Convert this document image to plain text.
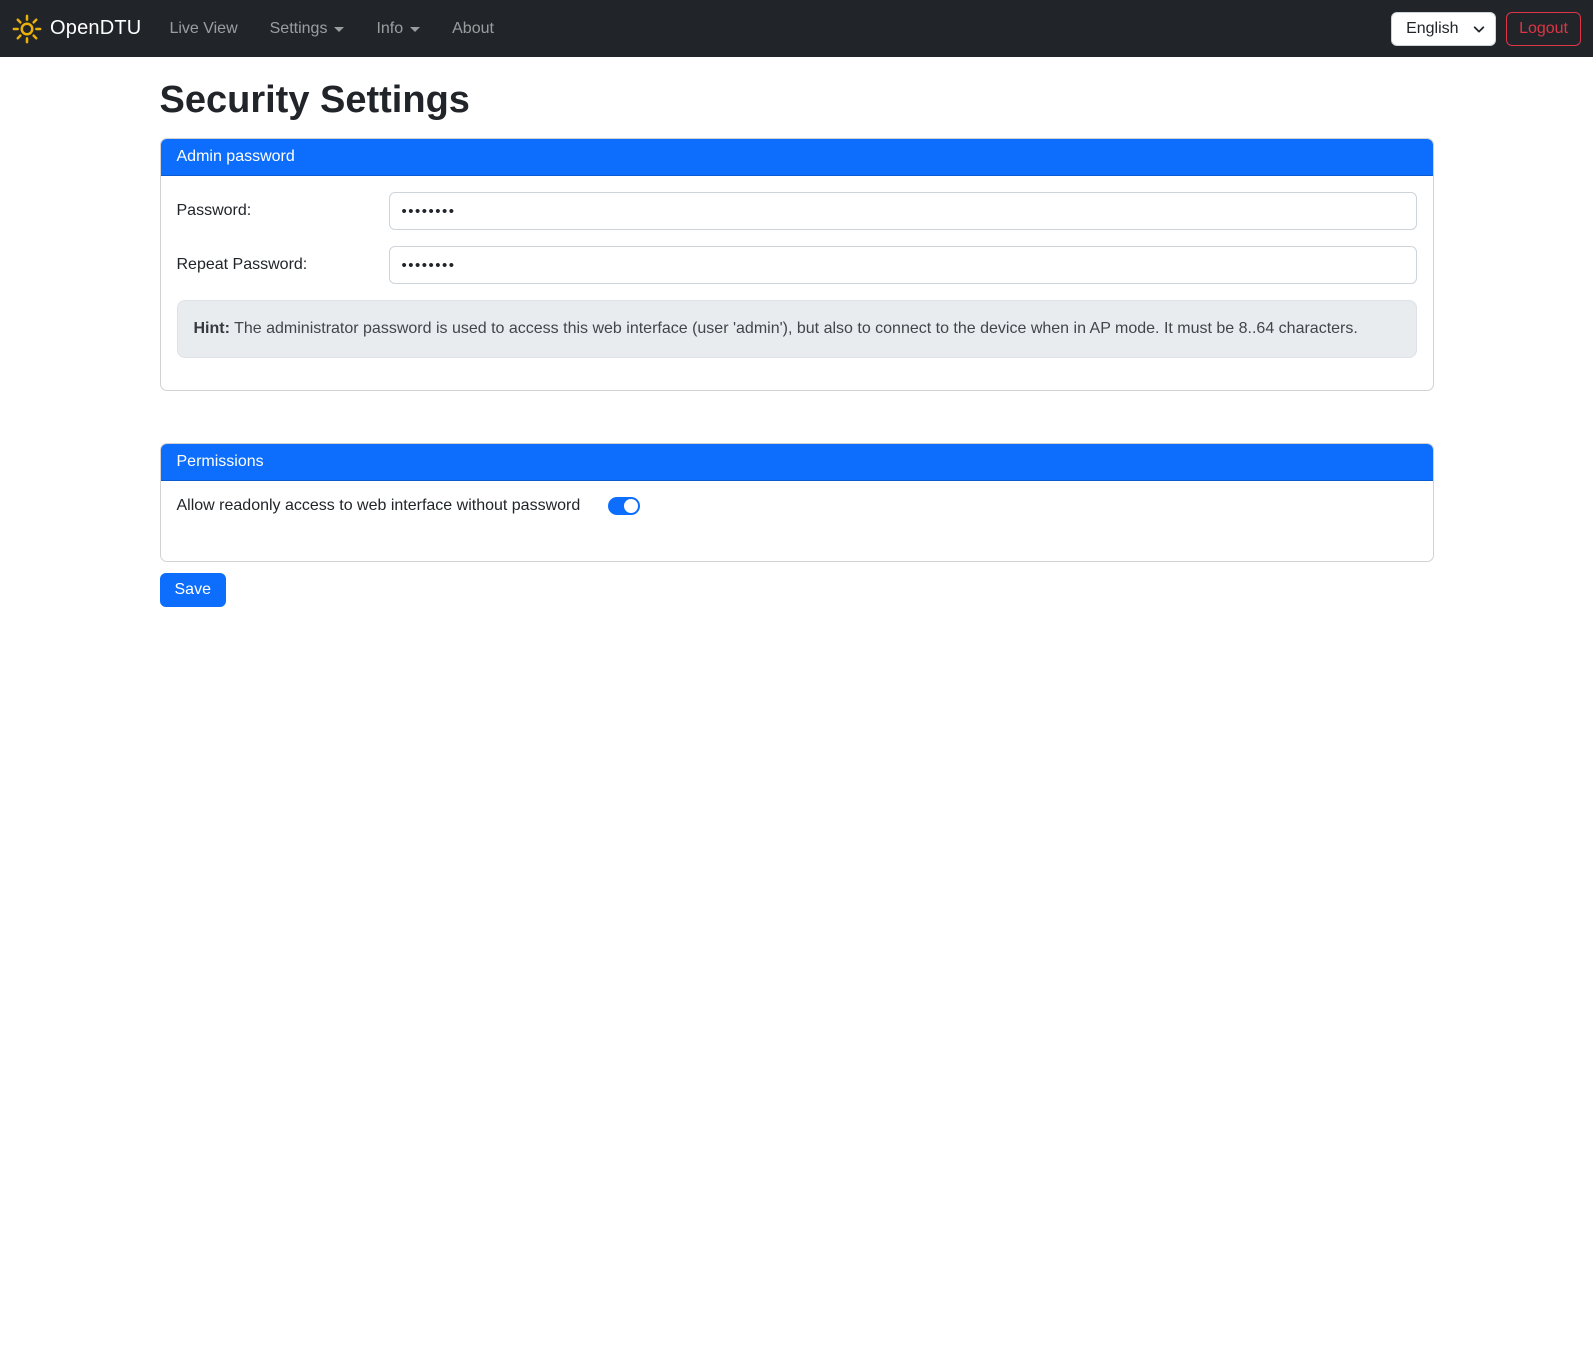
OpenDTU Live View Settings	Info	About
English	Logout
Security Settings
Admin password
Password:
••••••••
Repeat Password:
••••••••
Hint: The administrator password is used to access this web interface (user 'admin'), but also to connect to the device when in AP mode. It must be 8..64 characters.
Permissions
Allow readonly access to web interface without password
Save
